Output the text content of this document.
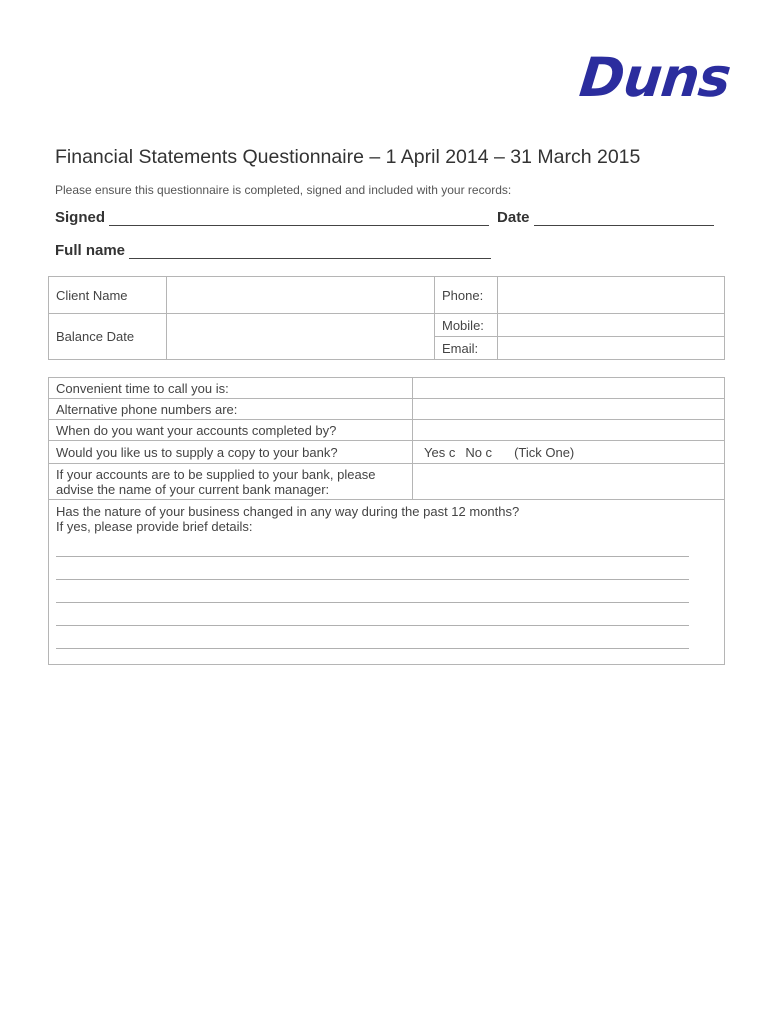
Duns
Financial Statements Questionnaire – 1 April 2014 – 31 March 2015
Please ensure this questionnaire is completed, signed and included with your records:
Signed	Date
Full name
Client Name		Phone:	
Balance Date		Mobile:	
		Email:	
Convenient time to call you is:	
Alternative phone numbers are:	
When do you want your accounts completed by?	
Would you like us to supply a copy to your bank?	Yes c No c (Tick One)

If your accounts are to be supplied to your bank, please
advise the name of your current bank manager:	

Has the nature of your business changed in any way during the past 12 months?
If yes, please provide brief details:	
